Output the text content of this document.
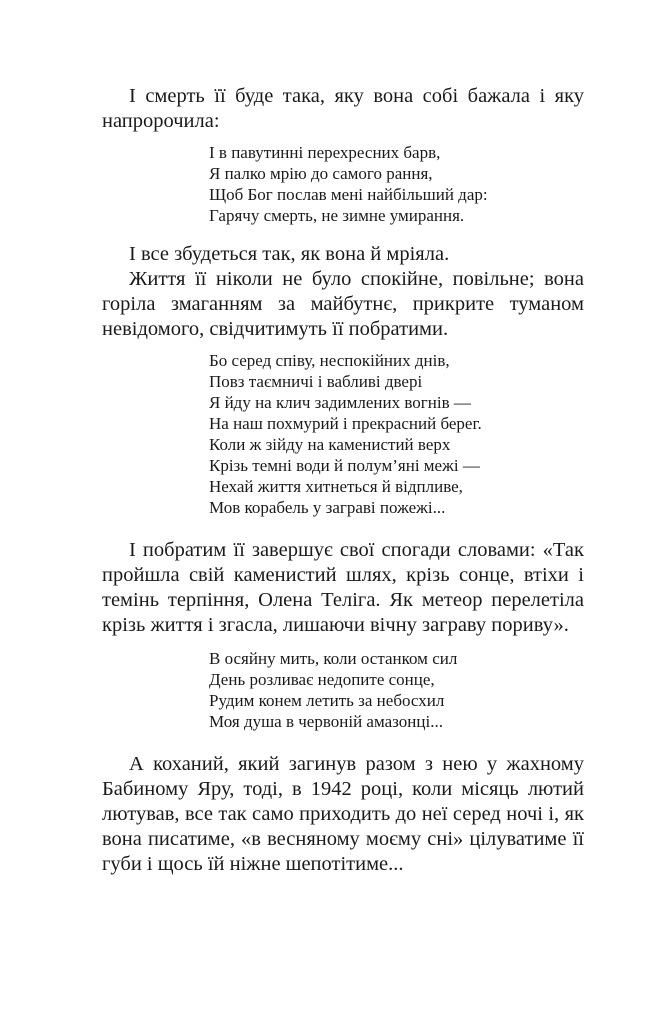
І смерть її буде така, яку вона собі бажала і яку напророчила:

І в павутинні перехресних барв,
Я палко мрію до самого рання,
Щоб Бог послав мені найбільший дар:
Гарячу смерть, не зимне умирання.

І все збудеться так, як вона й мріяла.

Життя її ніколи не було спокійне, повільне; вона горіла змаганням за майбутнє, прикрите туманом невідомого, свідчитимуть її побратими.

Бо серед співу, неспокійних днів,
Повз таємничі і вабливі двері
Я йду на клич задимлених вогнів —
На наш похмурий і прекрасний берег.
Коли ж зійду на каменистий верх
Крізь темні води й полум’яні межі —
Нехай життя хитнеться й відпливе,
Мов корабель у загравi пожежі...

І побратим її завершує свої спогади словами: «Так пройшла свій каменистий шлях, крізь сонце, втіхи і темінь терпіння, Олена Теліга. Як метеор перелетіла крізь життя і згасла, лишаючи вічну заграву пориву».

В осяйну мить, коли останком сил
День розливає недопите сонце,
Рудим конем летить за небосхил
Моя душа в червоній амазонці...

А коханий, який загинув разом з нею у жахному Бабиному Яру, тоді, в 1942 році, коли місяць лютий лютував, все так само приходить до неї серед ночі і, як вона писатиме, «в весняному моєму сні» цілуватиме її губи і щось їй ніжне шепотітиме...
